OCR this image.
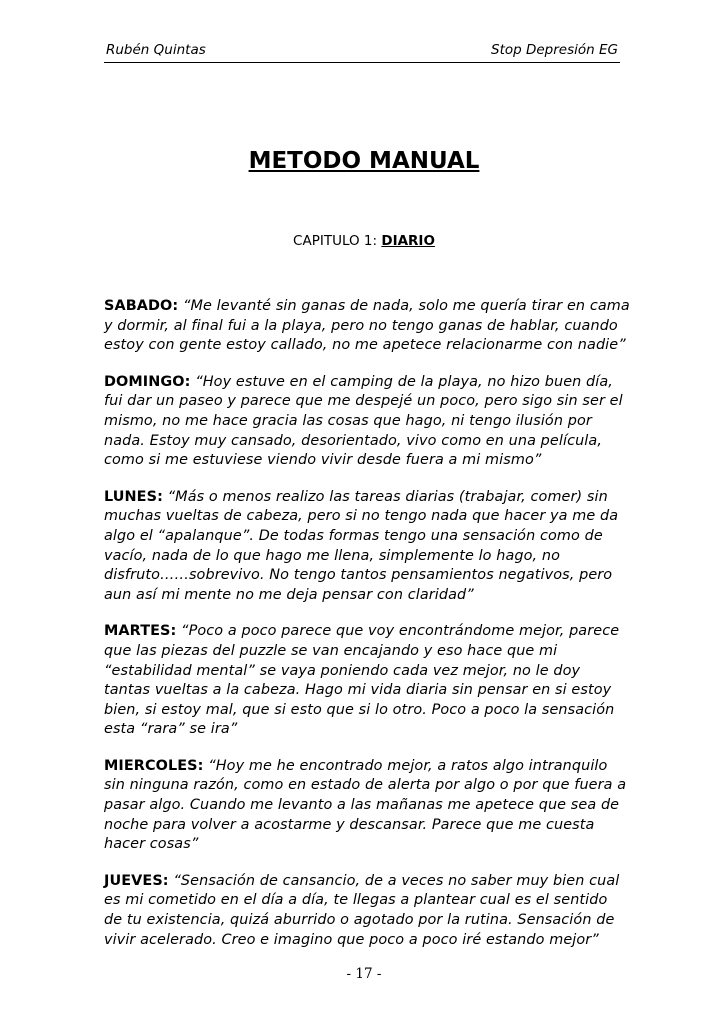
Rubén Quintas	Stop Depresión EG
METODO MANUAL
CAPITULO 1: DIARIO

SABADO: “Me levanté sin ganas de nada, solo me quería tirar en cama y dormir, al final fui a la playa, pero no tengo ganas de hablar, cuando estoy con gente estoy callado, no me apetece relacionarme con nadie”

DOMINGO: “Hoy estuve en el camping de la playa, no hizo buen día, fui dar un paseo y parece que me despejé un poco, pero sigo sin ser el mismo, no me hace gracia las cosas que hago, ni tengo ilusión por nada. Estoy muy cansado, desorientado, vivo como en una película, como si me estuviese viendo vivir desde fuera a mi mismo”

LUNES: “Más o menos realizo las tareas diarias (trabajar, comer) sin muchas vueltas de cabeza, pero si no tengo nada que hacer ya me da algo el “apalanque”. De todas formas tengo una sensación como de vacío, nada de lo que hago me llena, simplemente lo hago, no disfruto……sobrevivo. No tengo tantos pensamientos negativos, pero aun así mi mente no me deja pensar con claridad”

MARTES: “Poco a poco parece que voy encontrándome mejor, parece que las piezas del puzzle se van encajando y eso hace que mi “estabilidad mental” se vaya poniendo cada vez mejor, no le doy tantas vueltas a la cabeza. Hago mi vida diaria sin pensar en si estoy bien, si estoy mal, que si esto que si lo otro. Poco a poco la sensación esta “rara” se ira”

MIERCOLES: “Hoy me he encontrado mejor, a ratos algo intranquilo sin ninguna razón, como en estado de alerta por algo o por que fuera a pasar algo. Cuando me levanto a las mañanas me apetece que sea de noche para volver a acostarme y descansar. Parece que me cuesta hacer cosas”

JUEVES: “Sensación de cansancio, de a veces no saber muy bien cual es mi cometido en el día a día, te llegas a plantear cual es el sentido de tu existencia, quizá aburrido o agotado por la rutina. Sensación de vivir acelerado. Creo e imagino que poco a poco iré estando mejor”

- 17 -
